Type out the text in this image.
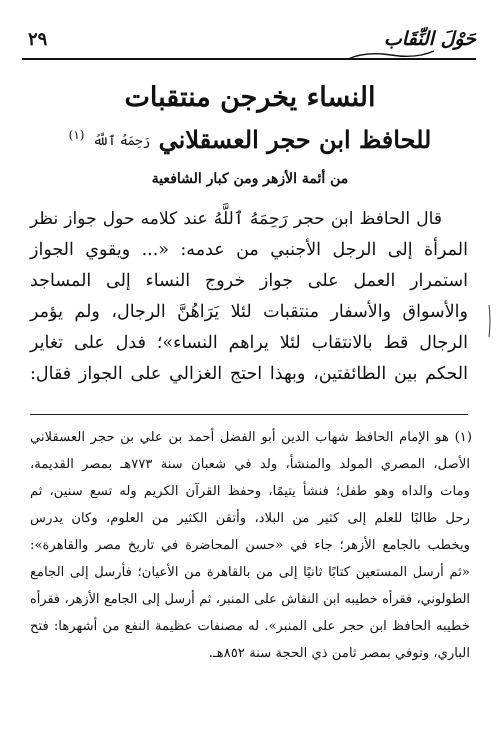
حَوْلَ النِّقَاب
٢٩
النساء يخرجن منتقبات
للحافظ ابن حجر العسقلاني رَحِمَهُ ٱللَّهُ $^{(١)}$
من أئمة الأزهر ومن كبار الشافعية
قال الحافظ ابن حجر رَحِمَهُ ٱللَّهُ عند كلامه حول جواز نظر
المرأة إلى الرجل الأجنبي من عدمه: «... ويقوي الجواز
استمرار العمل على جواز خروج النساء إلى المساجد
والأسواق والأسفار منتقبات لئلا يَرَاهُنَّ الرجال، ولم يؤمر
الرجال قط بالانتقاب لئلا يراهم النساء»؛ فدل على تغاير
الحكم بين الطائفتين، وبهذا احتج الغزالي على الجواز فقال:
(١) هو الإمام الحافظ شهاب الدين أبو الفضل أحمد بن علي بن حجر العسقلاني
الأصل، المصري المولد والمنشأ، ولد في شعبان سنة ٧٧٣هـ بمصر القديمة،
ومات والداه وهو طفل؛ فنشأ يتيمًا، وحفظ القرآن الكريم وله تسع سنين، ثم
رحل طالبًا للعلم إلى كثير من البلاد، وأتقن الكثير من العلوم، وكان يدرس
ويخطب بالجامع الأزهر؛ جاء في «حسن المحاضرة في تاريخ مصر والقاهرة»:
«ثم أرسل المستعين كتابًا ثانيًا إلى من بالقاهرة من الأعيان؛ فأرسل إلى الجامع
الطولوني، فقرأه خطيبه ابن النقاش على المنبر، ثم أرسل إلى الجامع الأزهر، فقرأه
خطيبه الحافظ ابن حجر على المنبر». له مصنفات عظيمة النفع من أشهرها: فتح
الباري، وتوفي بمصر ثامن ذي الحجة سنة ٨٥٢هـ.
